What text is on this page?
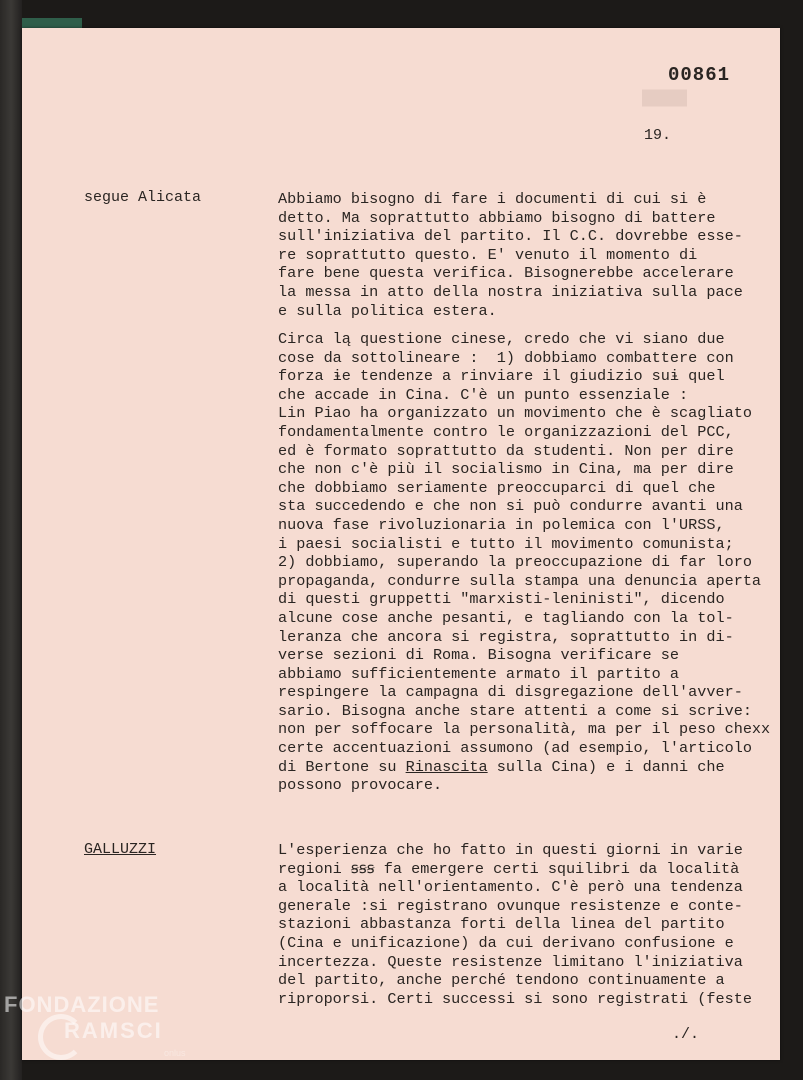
█████
00861
19.
segue Alicata	Abbiamo bisogno di fare i documenti di cui si è
detto. Ma soprattutto abbiamo bisogno di battere
sull'iniziativa del partito. Il C.C. dovrebbe esse-
re soprattutto questo. E' venuto il momento di
fare bene questa verifica. Bisognerebbe accelerare
la messa in atto della nostra iniziativa sulla pace
e sulla politica estera.
Circa lą questione cinese, credo che vi siano due
cose da sottolineare :  1) dobbiamo combattere con
forza ɨe tendenze a rinviare il giudizio suɨ quel
che accade in Cina. C'è un punto essenziale :
Lin Piao ha organizzato un movimento che è scagliato
fondamentalmente contro le organizzazioni del PCC,
ed è formato soprattutto da studenti. Non per dire
che non c'è più il socialismo in Cina, ma per dire
che dobbiamo seriamente preoccuparci di quel che
sta succedendo e che non si può condurre avanti una
nuova fase rivoluzionaria in polemica con l'URSS,
i paesi socialisti e tutto il movimento comunista;
2) dobbiamo, superando la preoccupazione di far loro
propaganda, condurre sulla stampa una denuncia aperta
di questi gruppetti "marxisti-leninisti", dicendo
alcune cose anche pesanti, e tagliando con la tol-
leranza che ancora si registra, soprattutto in di-
verse sezioni di Roma. Bisogna verificare se
abbiamo sufficientemente armato il partito a
respingere la campagna di disgregazione dell'avver-
sario. Bisogna anche stare attenti a come si scrive:
non per soffocare la personalità, ma per il peso chexx
certe accentuazioni assumono (ad esempio, l'articolo
di Bertone su Rinascita sulla Cina) e i danni che
possono provocare.
GALLUZZI	L'esperienza che ho fatto in questi giorni in varie
regioni ꞩꞩꞩ fa emergere certi squilibri da località
a località nell'orientamento. C'è però una tendenza
generale :si registrano ovunque resistenze e conte-
stazioni abbastanza forti della linea del partito
(Cina e unificazione) da cui derivano confusione e
incertezza. Queste resistenze limitano l'iniziativa
del partito, anche perché tendono continuamente a
riproporsi. Certi successi si sono registrati (feste
./.
FONDAZIONE
RAMSCI
onlus
